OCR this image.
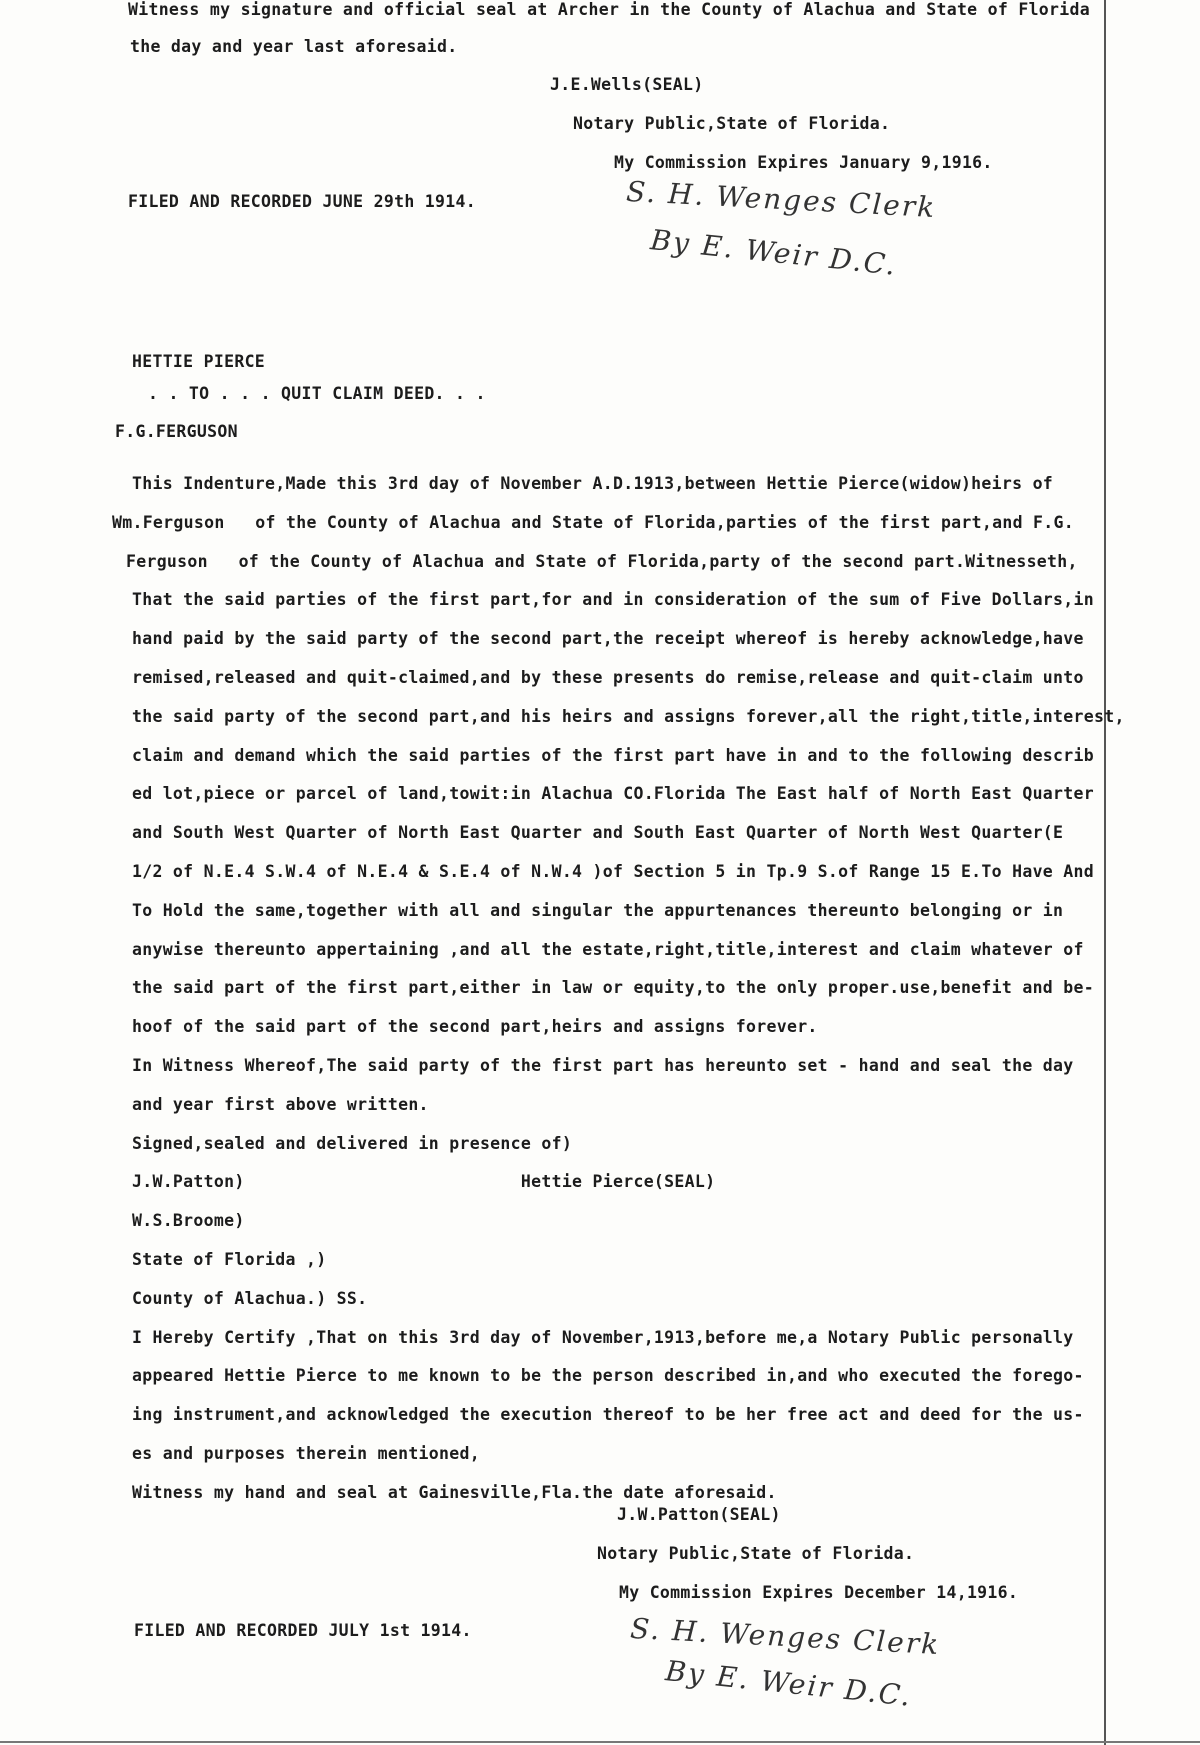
Witness my signature and official seal at Archer in the County of Alachua and State of Florida
the day and year last aforesaid.
J.E.Wells(SEAL)
Notary Public,State of Florida.
My Commission Expires January 9,1916.
FILED AND RECORDED JUNE 29th 1914.	S. H. Wenges Clerk
By E. Weir D.C.
HETTIE PIERCE
. . TO . . . QUIT CLAIM DEED. . .
F.G.FERGUSON
This Indenture,Made this 3rd day of November A.D.1913,between Hettie Pierce(widow)heirs of
Wm.Ferguson   of the County of Alachua and State of Florida,parties of the first part,and F.G.
Ferguson   of the County of Alachua and State of Florida,party of the second part.Witnesseth,
That the said parties of the first part,for and in consideration of the sum of Five Dollars,in
hand paid by the said party of the second part,the receipt whereof is hereby acknowledge,have
remised,released and quit-claimed,and by these presents do remise,release and quit-claim unto
the said party of the second part,and his heirs and assigns forever,all the right,title,interest,
claim and demand which the said parties of the first part have in and to the following describ
ed lot,piece or parcel of land,towit:in Alachua CO.Florida The East half of North East Quarter
and South West Quarter of North East Quarter and South East Quarter of North West Quarter(E
1/2 of N.E.4 S.W.4 of N.E.4 & S.E.4 of N.W.4 )of Section 5 in Tp.9 S.of Range 15 E.To Have And
To Hold the same,together with all and singular the appurtenances thereunto belonging or in
anywise thereunto appertaining ,and all the estate,right,title,interest and claim whatever of
the said part of the first part,either in law or equity,to the only proper.use,benefit and be-
hoof of the said part of the second part,heirs and assigns forever.
In Witness Whereof,The said party of the first part has hereunto set - hand and seal the day
and year first above written.
Signed,sealed and delivered in presence of)
J.W.Patton)                           Hettie Pierce(SEAL)
W.S.Broome)
State of Florida ,)
County of Alachua.) SS.
I Hereby Certify ,That on this 3rd day of November,1913,before me,a Notary Public personally
appeared Hettie Pierce to me known to be the person described in,and who executed the forego-
ing instrument,and acknowledged the execution thereof to be her free act and deed for the us-
es and purposes therein mentioned,
Witness my hand and seal at Gainesville,Fla.the date aforesaid.
J.W.Patton(SEAL)
Notary Public,State of Florida.
My Commission Expires December 14,1916.
FILED AND RECORDED JULY 1st 1914.	S. H. Wenges Clerk
By E. Weir D.C.
